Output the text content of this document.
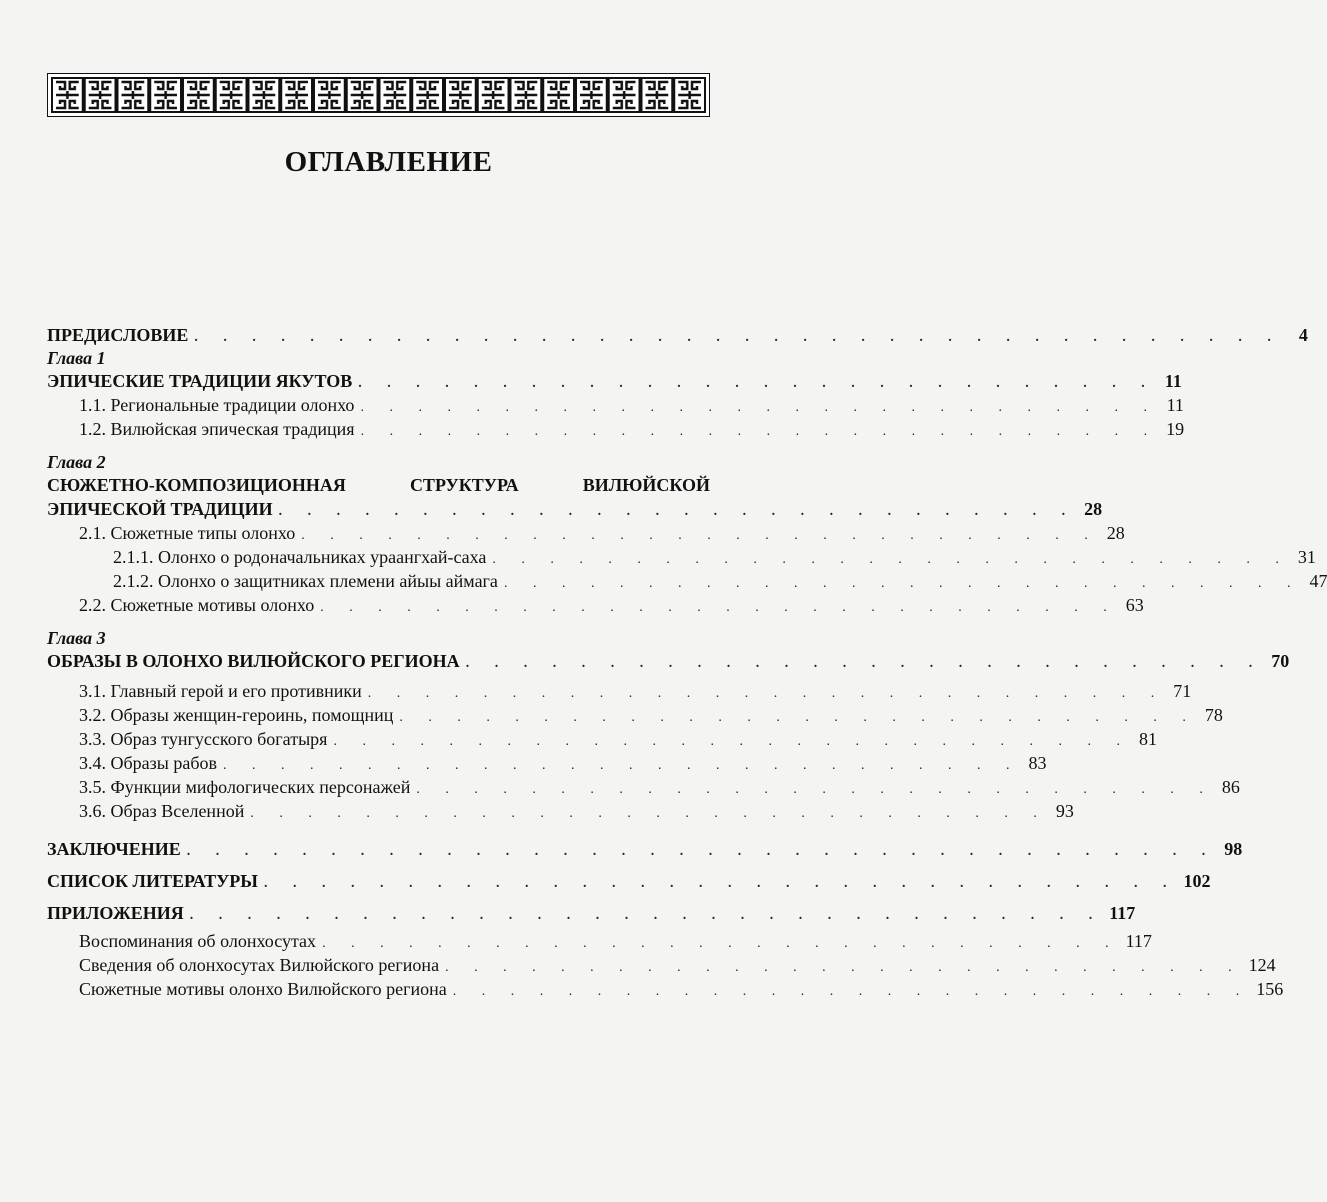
ОГЛАВЛЕНИЕ
ПРЕДИСЛОВИЕ . . . . . . . . . . . . . . . . . . . . . . . . . . . . . . . . . . . . . . 4
Глава 1
ЭПИЧЕСКИЕ ТРАДИЦИИ ЯКУТОВ . . . . . . . . . . . . . . . . . . . . . . . . . . . . 11
1.1. Региональные традиции олонхо . . . . . . . . . . . . . . . . . . . . . . . . . . . . 11
1.2. Вилюйская эпическая традиция . . . . . . . . . . . . . . . . . . . . . . . . . . . . 19
Глава 2
СЮЖЕТНО-КОМПОЗИЦИОННАЯ	СТРУКТУРА	ВИЛЮЙСКОЙ
ЭПИЧЕСКОЙ ТРАДИЦИИ . . . . . . . . . . . . . . . . . . . . . . . . . . . . 28
2.1. Сюжетные типы олонхо . . . . . . . . . . . . . . . . . . . . . . . . . . . . 28
2.1.1. Олонхо о родоначальниках ураангхай-саха . . . . . . . . . . . . . . . . . . . . . . . . . . . . 31
2.1.2. Олонхо о защитниках племени айыы аймага . . . . . . . . . . . . . . . . . . . . . . . . . . . . 47
2.2. Сюжетные мотивы олонхо . . . . . . . . . . . . . . . . . . . . . . . . . . . . 63
Глава 3
ОБРАЗЫ В ОЛОНХО ВИЛЮЙСКОГО РЕГИОНА . . . . . . . . . . . . . . . . . . . . . . . . . . . . 70
3.1. Главный герой и его противники . . . . . . . . . . . . . . . . . . . . . . . . . . . . 71
3.2. Образы женщин-героинь, помощниц . . . . . . . . . . . . . . . . . . . . . . . . . . . . 78
3.3. Образ тунгусского богатыря . . . . . . . . . . . . . . . . . . . . . . . . . . . . 81
3.4. Образы рабов . . . . . . . . . . . . . . . . . . . . . . . . . . . . 83
3.5. Функции мифологических персонажей . . . . . . . . . . . . . . . . . . . . . . . . . . . . 86
3.6. Образ Вселенной . . . . . . . . . . . . . . . . . . . . . . . . . . . . 93
ЗАКЛЮЧЕНИЕ . . . . . . . . . . . . . . . . . . . . . . . . . . . . . . . . . . . . 98
СПИСОК ЛИТЕРАТУРЫ . . . . . . . . . . . . . . . . . . . . . . . . . . . . . . . . 102
ПРИЛОЖЕНИЯ . . . . . . . . . . . . . . . . . . . . . . . . . . . . . . . . 117
Воспоминания об олонхосутах . . . . . . . . . . . . . . . . . . . . . . . . . . . . 117
Сведения об олонхосутах Вилюйского региона . . . . . . . . . . . . . . . . . . . . . . . . . . . . 124
Сюжетные мотивы олонхо Вилюйского региона . . . . . . . . . . . . . . . . . . . . . . . . . . . . 156
